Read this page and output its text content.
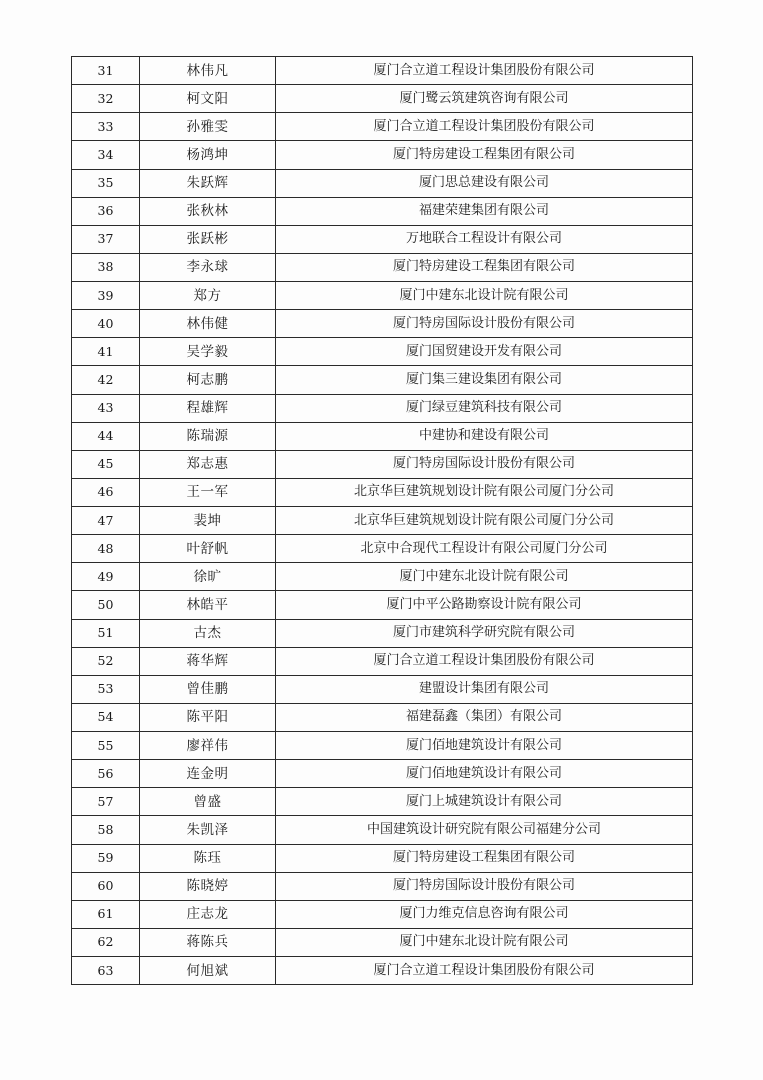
31	林伟凡	厦门合立道工程设计集团股份有限公司
32	柯文阳	厦门鹭云筑建筑咨询有限公司
33	孙雅雯	厦门合立道工程设计集团股份有限公司
34	杨鸿坤	厦门特房建设工程集团有限公司
35	朱跃辉	厦门思总建设有限公司
36	张秋林	福建荣建集团有限公司
37	张跃彬	万地联合工程设计有限公司
38	李永球	厦门特房建设工程集团有限公司
39	郑方	厦门中建东北设计院有限公司
40	林伟健	厦门特房国际设计股份有限公司
41	吴学毅	厦门国贸建设开发有限公司
42	柯志鹏	厦门集三建设集团有限公司
43	程雄辉	厦门绿豆建筑科技有限公司
44	陈瑞源	中建协和建设有限公司
45	郑志惠	厦门特房国际设计股份有限公司
46	王一军	北京华巨建筑规划设计院有限公司厦门分公司
47	裴坤	北京华巨建筑规划设计院有限公司厦门分公司
48	叶舒帆	北京中合现代工程设计有限公司厦门分公司
49	徐旷	厦门中建东北设计院有限公司
50	林皓平	厦门中平公路勘察设计院有限公司
51	古杰	厦门市建筑科学研究院有限公司
52	蒋华辉	厦门合立道工程设计集团股份有限公司
53	曾佳鹏	建盟设计集团有限公司
54	陈平阳	福建磊鑫（集团）有限公司
55	廖祥伟	厦门佰地建筑设计有限公司
56	连金明	厦门佰地建筑设计有限公司
57	曾盛	厦门上城建筑设计有限公司
58	朱凯泽	中国建筑设计研究院有限公司福建分公司
59	陈珏	厦门特房建设工程集团有限公司
60	陈晓婷	厦门特房国际设计股份有限公司
61	庄志龙	厦门力维克信息咨询有限公司
62	蒋陈兵	厦门中建东北设计院有限公司
63	何旭斌	厦门合立道工程设计集团股份有限公司
